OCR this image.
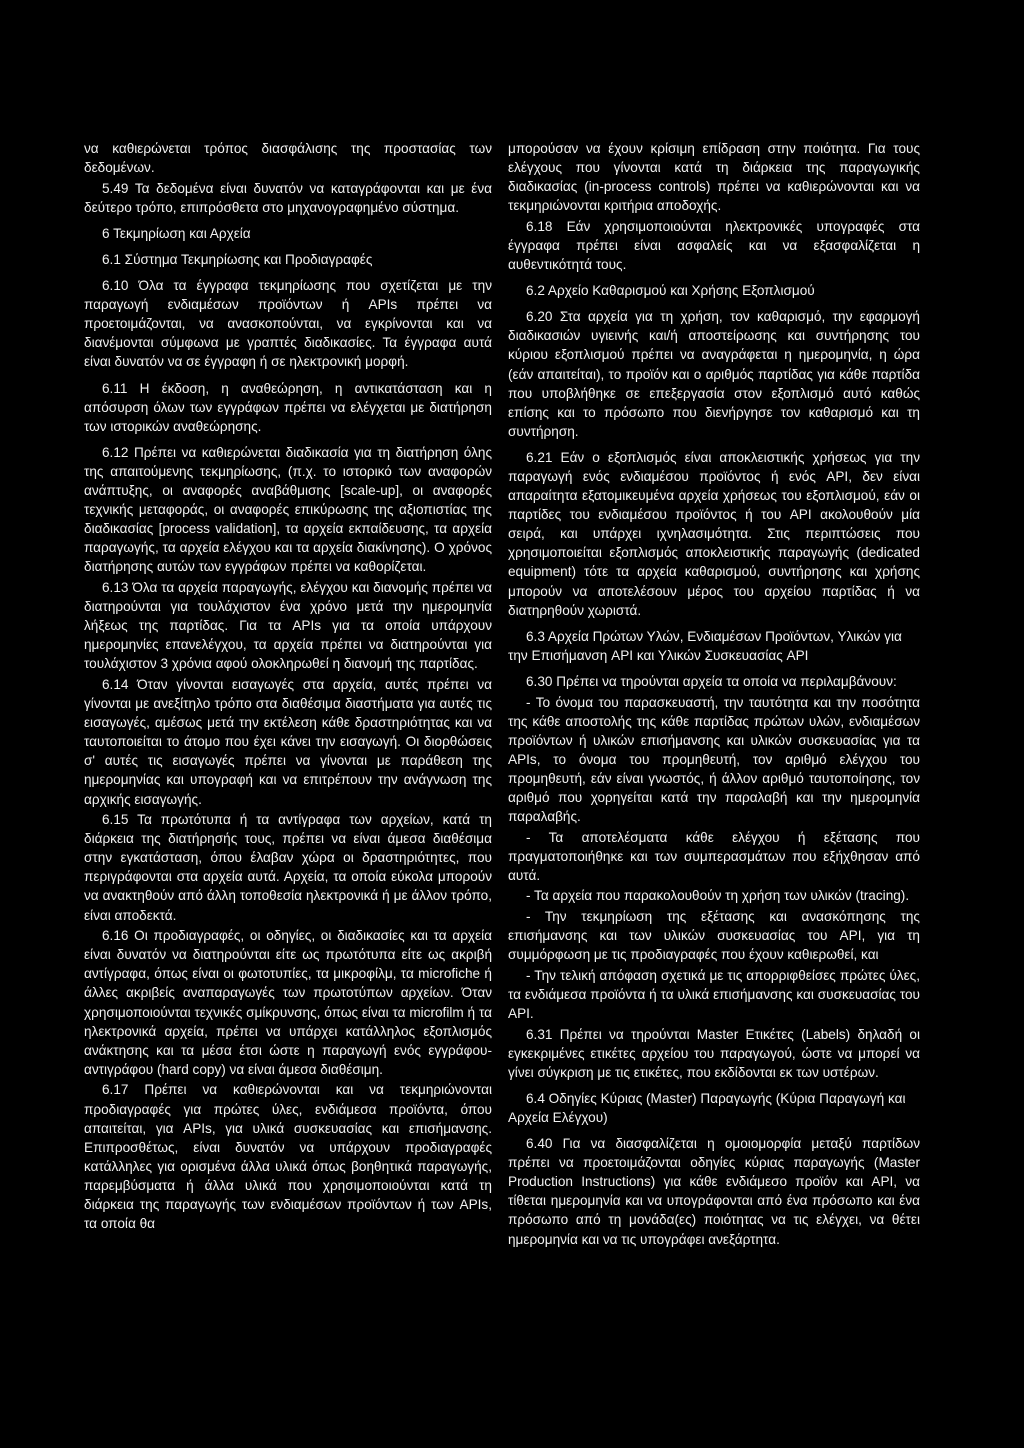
να καθιερώνεται τρόπος διασφάλισης της προστασίας των δεδομένων.

5.49 Τα δεδομένα είναι δυνατόν να καταγράφονται και με ένα δεύτερο τρόπο, επιπρόσθετα στο μηχανογραφημένο σύστημα.

6 Τεκμηρίωση και Αρχεία

6.1 Σύστημα Τεκμηρίωσης και Προδιαγραφές

6.10 Όλα τα έγγραφα τεκμηρίωσης που σχετίζεται με την παραγωγή ενδιαμέσων προϊόντων ή APIs πρέπει να προετοιμάζονται, να ανασκοπούνται, να εγκρίνονται και να διανέμονται σύμφωνα με γραπτές διαδικασίες. Τα έγγραφα αυτά είναι δυνατόν να σε έγγραφη ή σε ηλεκτρονική μορφή.

6.11 Η έκδοση, η αναθεώρηση, η αντικατάσταση και η απόσυρση όλων των εγγράφων πρέπει να ελέγχεται με διατήρηση των ιστορικών αναθεώρησης.

6.12 Πρέπει να καθιερώνεται διαδικασία για τη διατήρηση όλης της απαιτούμενης τεκμηρίωσης, (π.χ. το ιστορικό των αναφορών ανάπτυξης, οι αναφορές αναβάθμισης [scale-up], οι αναφορές τεχνικής μεταφοράς, οι αναφορές επικύρωσης της αξιοπιστίας της διαδικασίας [process validation], τα αρχεία εκπαίδευσης, τα αρχεία παραγωγής, τα αρχεία ελέγχου και τα αρχεία διακίνησης). Ο χρόνος διατήρησης αυτών των εγγράφων πρέπει να καθορίζεται.

6.13 Όλα τα αρχεία παραγωγής, ελέγχου και διανομής πρέπει να διατηρούνται για τουλάχιστον ένα χρόνο μετά την ημερομηνία λήξεως της παρτίδας. Για τα APIs για τα οποία υπάρχουν ημερομηνίες επανελέγχου, τα αρχεία πρέπει να διατηρούνται για τουλάχιστον 3 χρόνια αφού ολοκληρωθεί η διανομή της παρτίδας.

6.14 Όταν γίνονται εισαγωγές στα αρχεία, αυτές πρέπει να γίνονται με ανεξίτηλο τρόπο στα διαθέσιμα διαστήματα για αυτές τις εισαγωγές, αμέσως μετά την εκτέλεση κάθε δραστηριότητας και να ταυτοποιείται το άτομο που έχει κάνει την εισαγωγή. Οι διορθώσεις σ' αυτές τις εισαγωγές πρέπει να γίνονται με παράθεση της ημερομηνίας και υπογραφή και να επιτρέπουν την ανάγνωση της αρχικής εισαγωγής.

6.15 Τα πρωτότυπα ή τα αντίγραφα των αρχείων, κατά τη διάρκεια της διατήρησής τους, πρέπει να είναι άμεσα διαθέσιμα στην εγκατάσταση, όπου έλαβαν χώρα οι δραστηριότητες, που περιγράφονται στα αρχεία αυτά. Αρχεία, τα οποία εύκολα μπορούν να ανακτηθούν από άλλη τοποθεσία ηλεκτρονικά ή με άλλον τρόπο, είναι αποδεκτά.

6.16 Οι προδιαγραφές, οι οδηγίες, οι διαδικασίες και τα αρχεία είναι δυνατόν να διατηρούνται είτε ως πρωτότυπα είτε ως ακριβή αντίγραφα, όπως είναι οι φωτοτυπίες, τα μικροφίλμ, τα microfiche ή άλλες ακριβείς αναπαραγωγές των πρωτοτύπων αρχείων. Όταν χρησιμοποιούνται τεχνικές σμίκρυνσης, όπως είναι τα microfilm ή τα ηλεκτρονικά αρχεία, πρέπει να υπάρχει κατάλληλος εξοπλισμός ανάκτησης και τα μέσα έτσι ώστε η παραγωγή ενός εγγράφου-αντιγράφου (hard copy) να είναι άμεσα διαθέσιμη.

6.17 Πρέπει να καθιερώνονται και να τεκμηριώνονται προδιαγραφές για πρώτες ύλες, ενδιάμεσα προϊόντα, όπου απαιτείται, για APIs, για υλικά συσκευασίας και επισήμανσης. Επιπροσθέτως, είναι δυνατόν να υπάρχουν προδιαγραφές κατάλληλες για ορισμένα άλλα υλικά όπως βοηθητικά παραγωγής, παρεμβύσματα ή άλλα υλικά που χρησιμοποιούνται κατά τη διάρκεια της παραγωγής των ενδιαμέσων προϊόντων ή των APIs, τα οποία θα

μπορούσαν να έχουν κρίσιμη επίδραση στην ποιότητα. Για τους ελέγχους που γίνονται κατά τη διάρκεια της παραγωγικής διαδικασίας (in-process controls) πρέπει να καθιερώνονται και να τεκμηριώνονται κριτήρια αποδοχής.

6.18 Εάν χρησιμοποιούνται ηλεκτρονικές υπογραφές στα έγγραφα πρέπει είναι ασφαλείς και να εξασφαλίζεται η αυθεντικότητά τους.

6.2 Αρχείο Καθαρισμού και Χρήσης Εξοπλισμού

6.20 Στα αρχεία για τη χρήση, τον καθαρισμό, την εφαρμογή διαδικασιών υγιεινής και/ή αποστείρωσης και συντήρησης του κύριου εξοπλισμού πρέπει να αναγράφεται η ημερομηνία, η ώρα (εάν απαιτείται), το προϊόν και ο αριθμός παρτίδας για κάθε παρτίδα που υποβλήθηκε σε επεξεργασία στον εξοπλισμό αυτό καθώς επίσης και το πρόσωπο που διενήργησε τον καθαρισμό και τη συντήρηση.

6.21 Εάν ο εξοπλισμός είναι αποκλειστικής χρήσεως για την παραγωγή ενός ενδιαμέσου προϊόντος ή ενός API, δεν είναι απαραίτητα εξατομικευμένα αρχεία χρήσεως του εξοπλισμού, εάν οι παρτίδες του ενδιαμέσου προϊόντος ή του API ακολουθούν μία σειρά, και υπάρχει ιχνηλασιμότητα. Στις περιπτώσεις που χρησιμοποιείται εξοπλισμός αποκλειστικής παραγωγής (dedicated equipment) τότε τα αρχεία καθαρισμού, συντήρησης και χρήσης μπορούν να αποτελέσουν μέρος του αρχείου παρτίδας ή να διατηρηθούν χωριστά.

6.3 Αρχεία Πρώτων Υλών, Ενδιαμέσων Προϊόντων, Υλικών για την Επισήμανση API και Υλικών Συσκευασίας API

6.30 Πρέπει να τηρούνται αρχεία τα οποία να περιλαμβάνουν:

- Το όνομα του παρασκευαστή, την ταυτότητα και την ποσότητα της κάθε αποστολής της κάθε παρτίδας πρώτων υλών, ενδιαμέσων προϊόντων ή υλικών επισήμανσης και υλικών συσκευασίας για τα APIs, το όνομα του προμηθευτή, τον αριθμό ελέγχου του προμηθευτή, εάν είναι γνωστός, ή άλλον αριθμό ταυτοποίησης, τον αριθμό που χορηγείται κατά την παραλαβή και την ημερομηνία παραλαβής.

- Τα αποτελέσματα κάθε ελέγχου ή εξέτασης που πραγματοποιήθηκε και των συμπερασμάτων που εξήχθησαν από αυτά.

- Τα αρχεία που παρακολουθούν τη χρήση των υλικών (tracing).

- Την τεκμηρίωση της εξέτασης και ανασκόπησης της επισήμανσης και των υλικών συσκευασίας του API, για τη συμμόρφωση με τις προδιαγραφές που έχουν καθιερωθεί, και

- Την τελική απόφαση σχετικά με τις απορριφθείσες πρώτες ύλες, τα ενδιάμεσα προϊόντα ή τα υλικά επισήμανσης και συσκευασίας του API.

6.31 Πρέπει να τηρούνται Master Ετικέτες (Labels) δηλαδή οι εγκεκριμένες ετικέτες αρχείου του παραγωγού, ώστε να μπορεί να γίνει σύγκριση με τις ετικέτες, που εκδίδονται εκ των υστέρων.

6.4 Οδηγίες Κύριας (Master) Παραγωγής (Κύρια Παραγωγή και Αρχεία Ελέγχου)

6.40 Για να διασφαλίζεται η ομοιομορφία μεταξύ παρτίδων πρέπει να προετοιμάζονται οδηγίες κύριας παραγωγής (Master Production Instructions) για κάθε ενδιάμεσο προϊόν και API, να τίθεται ημερομηνία και να υπογράφονται από ένα πρόσωπο και ένα πρόσωπο από τη μονάδα(ες) ποιότητας να τις ελέγχει, να θέτει ημερομηνία και να τις υπογράφει ανεξάρτητα.
